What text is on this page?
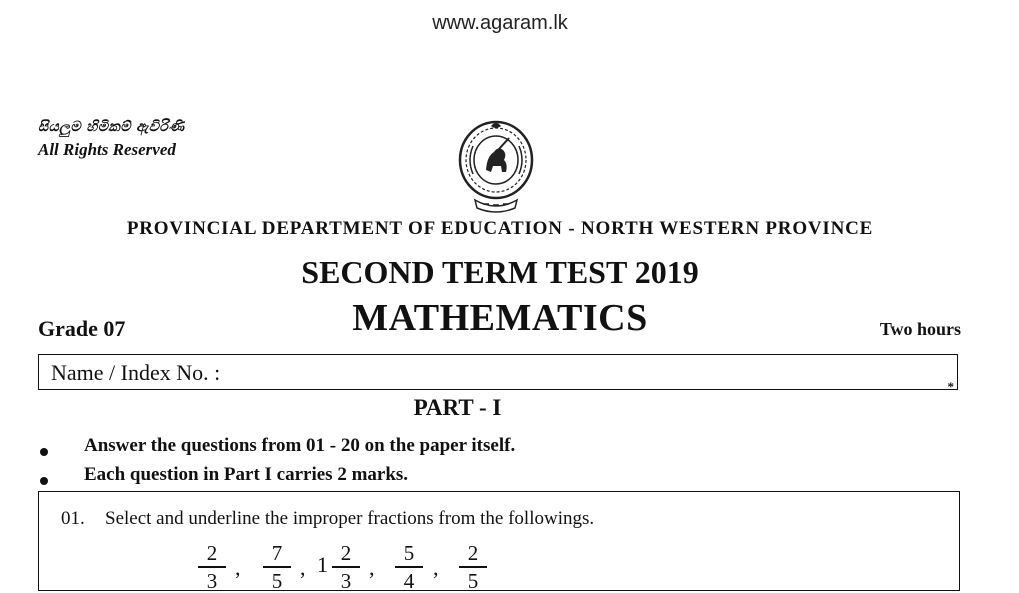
www.agaram.lk
සියලුම හිමිකම් ඇවිරිණි
All Rights Reserved
PROVINCIAL DEPARTMENT OF EDUCATION - NORTH WESTERN PROVINCE
SECOND TERM TEST 2019
MATHEMATICS
Grade 07	Two hours
Name / Index No. :
*
PART - I
Answer the questions from 01 - 20 on the paper itself.
Each question in Part I carries 2 marks.
01. Select and underline the improper fractions from the followings.
2
3
,
7
5
, 1 2
3
,
5
4
,
2
5
